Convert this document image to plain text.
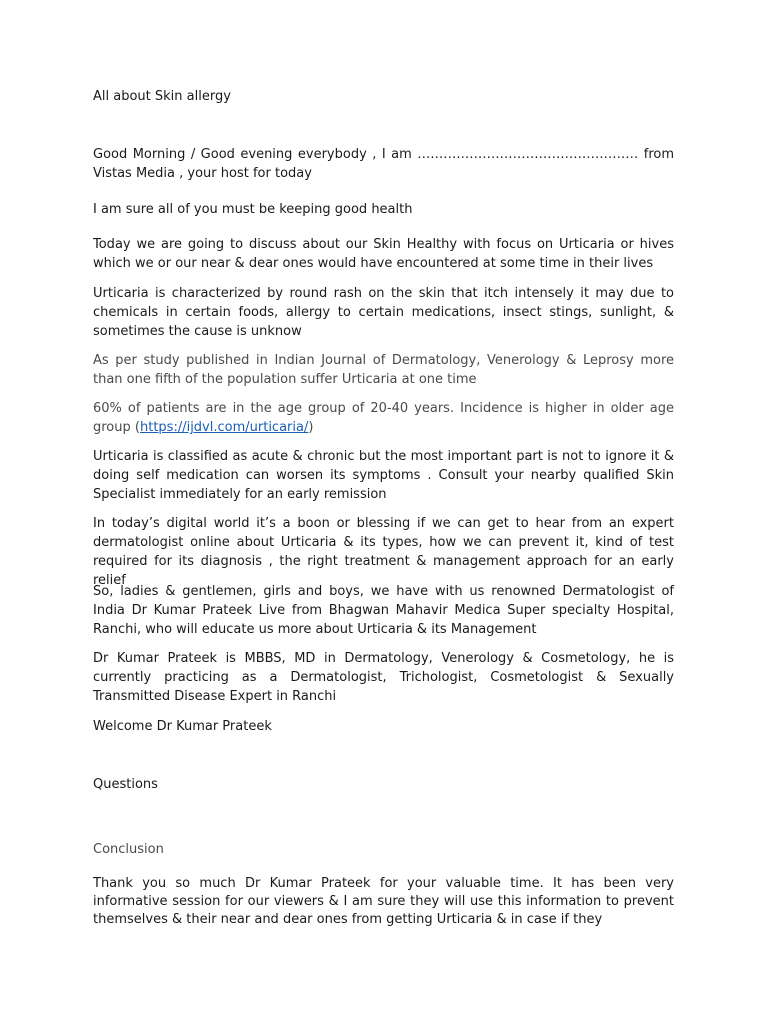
All about Skin allergy

Good Morning / Good evening everybody , I am …………………………………………… from Vistas Media , your host for today

I am sure all of you must be keeping good health

Today we are going to discuss about our Skin Healthy with focus on Urticaria or hives which we or our near & dear ones would have encountered at some time in their lives

Urticaria is characterized by round rash on the skin that itch intensely it may due to chemicals in certain foods, allergy to certain medications, insect stings, sunlight, & sometimes the cause is unknow

As per study published in Indian Journal of Dermatology, Venerology & Leprosy more than one fifth of the population suffer Urticaria at one time

60% of patients are in the age group of 20-40 years. Incidence is higher in older age group (https://ijdvl.com/urticaria/)

Urticaria is classified as acute & chronic but the most important part is not to ignore it & doing self medication can worsen its symptoms . Consult your nearby qualified Skin Specialist immediately for an early remission

In today’s digital world it’s a boon or blessing if we can get to hear from an expert dermatologist online about Urticaria & its types, how we can prevent it, kind of test required for its diagnosis , the right treatment & management approach for an early relief

So, ladies & gentlemen, girls and boys, we have with us renowned Dermatologist of India Dr Kumar Prateek Live from Bhagwan Mahavir Medica Super specialty Hospital, Ranchi, who will educate us more about Urticaria & its Management

Dr Kumar Prateek is MBBS, MD in Dermatology, Venerology & Cosmetology, he is currently practicing as a Dermatologist, Trichologist, Cosmetologist & Sexually Transmitted Disease Expert in Ranchi

Welcome Dr Kumar Prateek

Questions

Conclusion

Thank you so much Dr Kumar Prateek for your valuable time. It has been very informative session for our viewers & I am sure they will use this information to prevent themselves & their near and dear ones from getting Urticaria & in case if they
